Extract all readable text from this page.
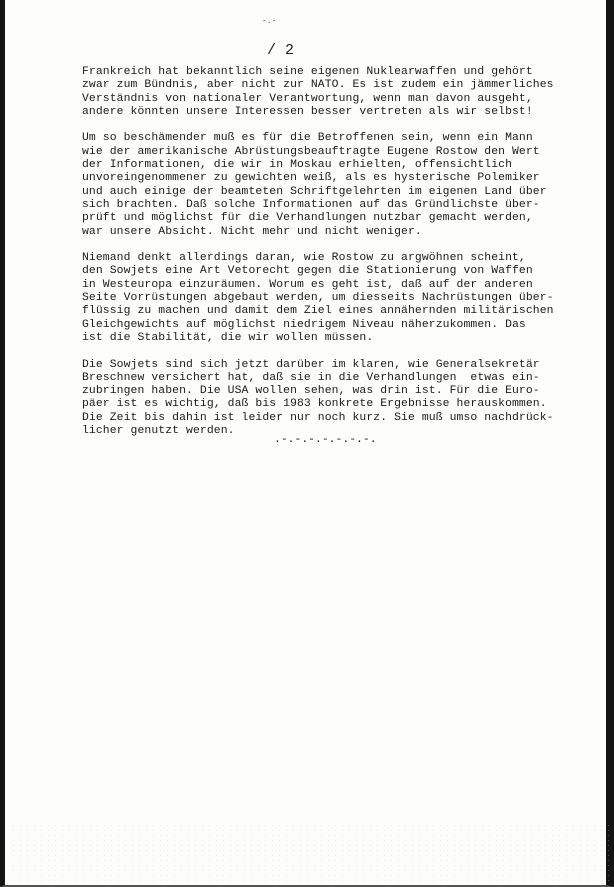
-.-
/ 2

Frankreich hat bekanntlich seine eigenen Nuklearwaffen und gehört
zwar zum Bündnis, aber nicht zur NATO. Es ist zudem ein jämmerliches
Verständnis von nationaler Verantwortung, wenn man davon ausgeht,
andere könnten unsere Interessen besser vertreten als wir selbst!

Um so beschämender muß es für die Betroffenen sein, wenn ein Mann
wie der amerikanische Abrüstungsbeauftragte Eugene Rostow den Wert
der Informationen, die wir in Moskau erhielten, offensichtlich
unvoreingenommener zu gewichten weiß, als es hysterische Polemiker
und auch einige der beamteten Schriftgelehrten im eigenen Land über
sich brachten. Daß solche Informationen auf das Gründlichste über-
prüft und möglichst für die Verhandlungen nutzbar gemacht werden,
war unsere Absicht. Nicht mehr und nicht weniger.

Niemand denkt allerdings daran, wie Rostow zu argwöhnen scheint,
den Sowjets eine Art Vetorecht gegen die Stationierung von Waffen
in Westeuropa einzuräumen. Worum es geht ist, daß auf der anderen
Seite Vorrüstungen abgebaut werden, um diesseits Nachrüstungen über-
flüssig zu machen und damit dem Ziel eines annähernden militärischen
Gleichgewichts auf möglichst niedrigem Niveau näherzukommen. Das
ist die Stabilität, die wir wollen müssen.

Die Sowjets sind sich jetzt darüber im klaren, wie Generalsekretär
Breschnew versichert hat, daß sie in die Verhandlungen  etwas ein-
zubringen haben. Die USA wollen sehen, was drin ist. Für die Euro-
päer ist es wichtig, daß bis 1983 konkrete Ergebnisse herauskommen.
Die Zeit bis dahin ist leider nur noch kurz. Sie muß umso nachdrück-
licher genutzt werden.

.-.-.-.-.-.-.-.
